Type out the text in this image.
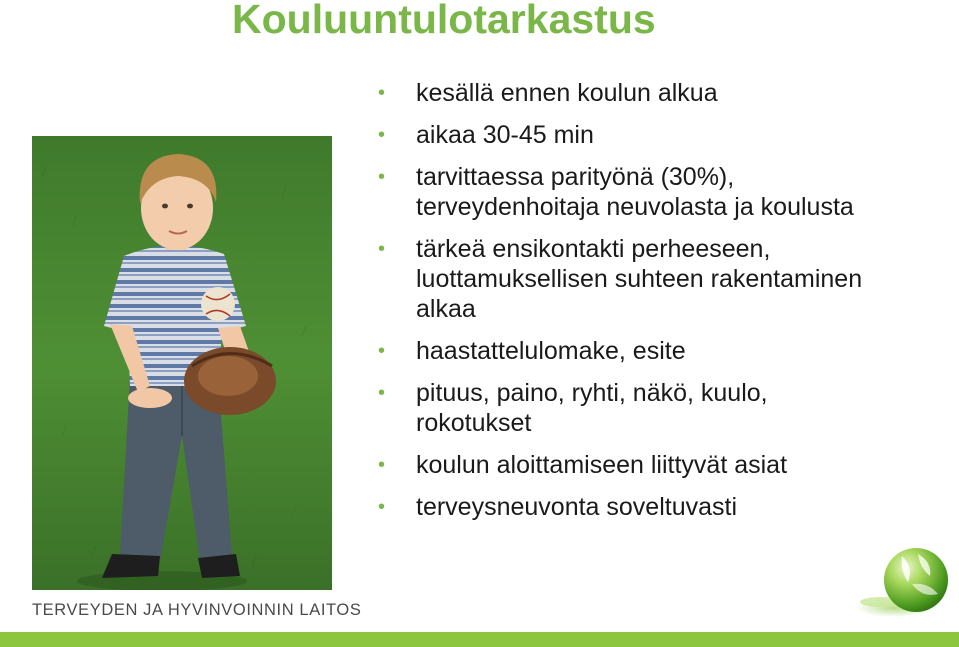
Kouluuntulotarkastus
• kesällä ennen koulun alkua
• aikaa 30-45 min
• tarvittaessa parityönä (30%),
terveydenhoitaja neuvolasta ja koulusta
• tärkeä ensikontakti perheeseen,
luottamuksellisen suhteen rakentaminen
alkaa
• haastattelulomake, esite
• pituus, paino, ryhti, näkö, kuulo,
rokotukset
• koulun aloittamiseen liittyvät asiat
• terveysneuvonta soveltuvasti
TERVEYDEN JA HYVINVOINNIN LAITOS
